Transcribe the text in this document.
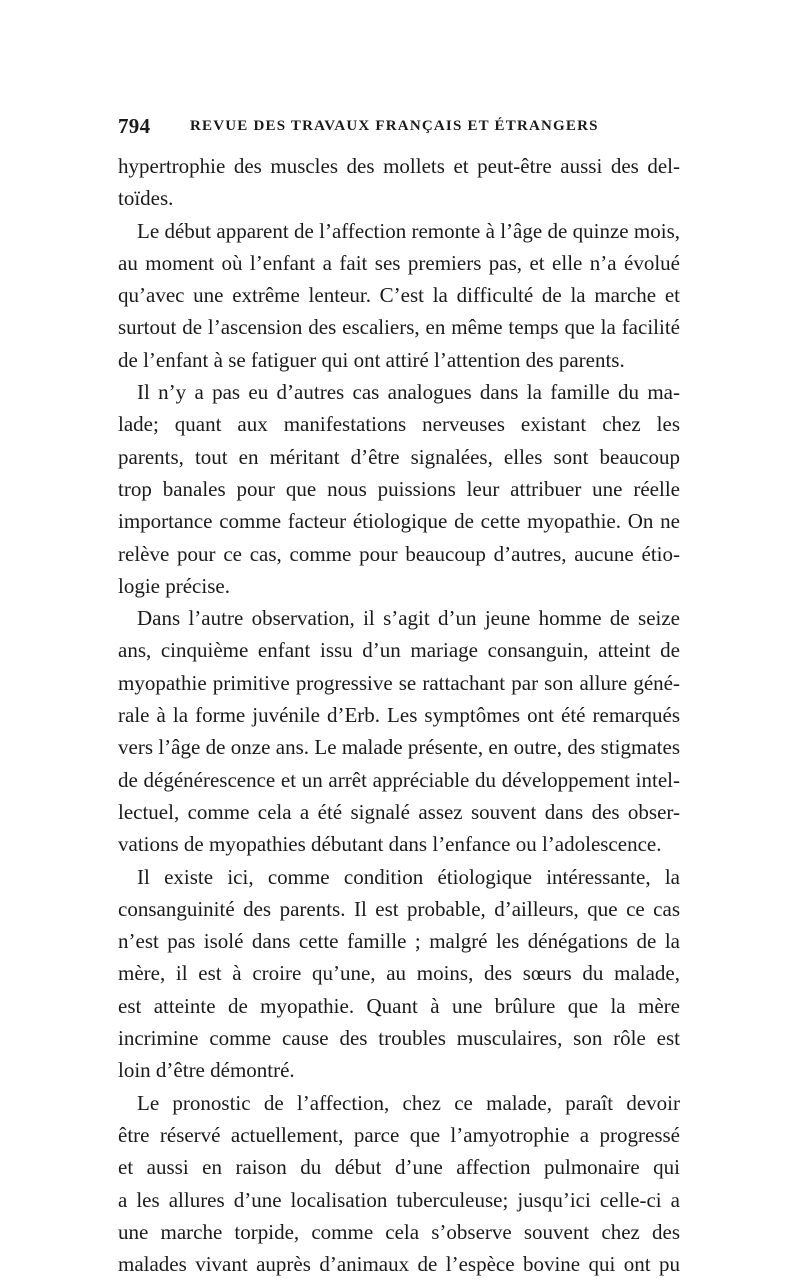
794	REVUE DES TRAVAUX FRANÇAIS ET ÉTRANGERS
hypertrophie des muscles des mollets et peut-être aussi des del-
toïdes.
Le début apparent de l’affection remonte à l’âge de quinze mois,
au moment où l’enfant a fait ses premiers pas, et elle n’a évolué
qu’avec une extrême lenteur. C’est la difficulté de la marche et
surtout de l’ascension des escaliers, en même temps que la facilité
de l’enfant à se fatiguer qui ont attiré l’attention des parents.
Il n’y a pas eu d’autres cas analogues dans la famille du ma-
lade; quant aux manifestations nerveuses existant chez les
parents, tout en méritant d’être signalées, elles sont beaucoup
trop banales pour que nous puissions leur attribuer une réelle
importance comme facteur étiologique de cette myopathie. On ne
relève pour ce cas, comme pour beaucoup d’autres, aucune étio-
logie précise.
Dans l’autre observation, il s’agit d’un jeune homme de seize
ans, cinquième enfant issu d’un mariage consanguin, atteint de
myopathie primitive progressive se rattachant par son allure géné-
rale à la forme juvénile d’Erb. Les symptômes ont été remarqués
vers l’âge de onze ans. Le malade présente, en outre, des stigmates
de dégénérescence et un arrêt appréciable du développement intel-
lectuel, comme cela a été signalé assez souvent dans des obser-
vations de myopathies débutant dans l’enfance ou l’adolescence.
Il existe ici, comme condition étiologique intéressante, la
consanguinité des parents. Il est probable, d’ailleurs, que ce cas
n’est pas isolé dans cette famille ; malgré les dénégations de la
mère, il est à croire qu’une, au moins, des sœurs du malade,
est atteinte de myopathie. Quant à une brûlure que la mère
incrimine comme cause des troubles musculaires, son rôle est
loin d’être démontré.
Le pronostic de l’affection, chez ce malade, paraît devoir
être réservé actuellement, parce que l’amyotrophie a progressé
et aussi en raison du début d’une affection pulmonaire qui
a les allures d’une localisation tuberculeuse; jusqu’ici celle-ci a
une marche torpide, comme cela s’observe souvent chez des
malades vivant auprès d’animaux de l’espèce bovine qui ont pu
